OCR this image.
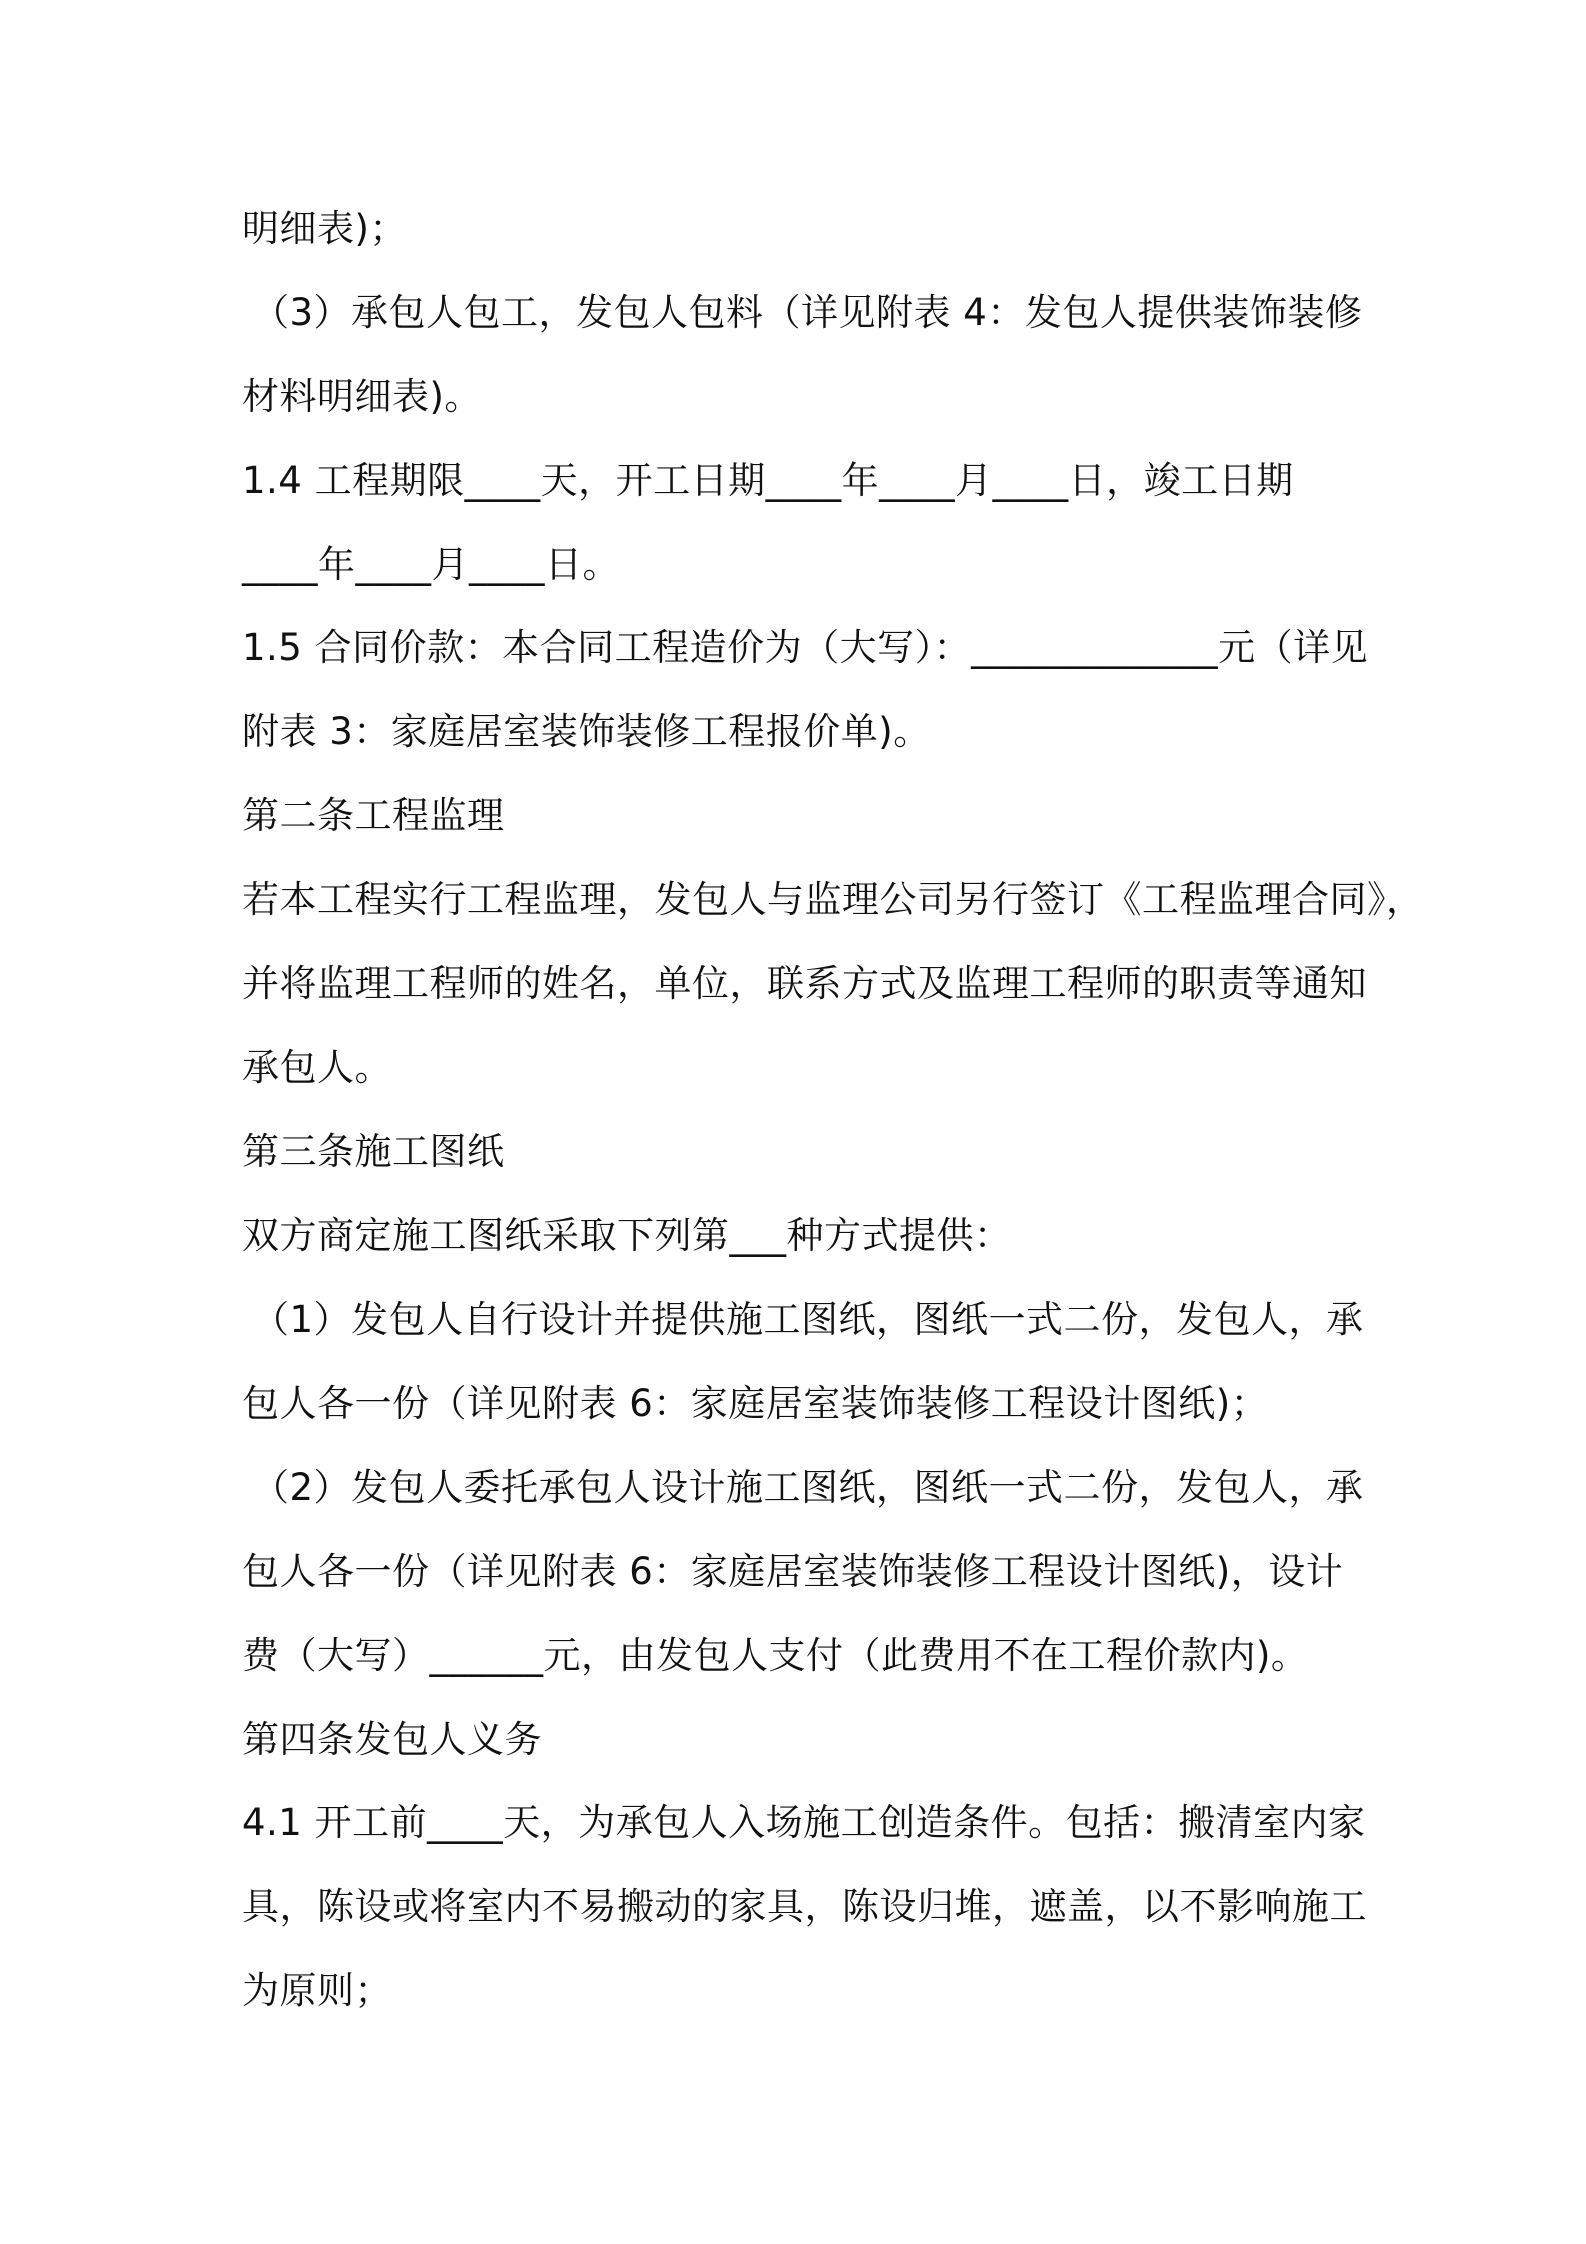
明细表)；
（3）承包人包工，发包人包料（详见附表 4：发包人提供装饰装修
材料明细表)。
1.4 工程期限____天，开工日期____年____月____日，竣工日期
____年____月____日。
1.5 合同价款：本合同工程造价为（大写）：_____________元（详见
附表 3：家庭居室装饰装修工程报价单)。
第二条工程监理
若本工程实行工程监理，发包人与监理公司另行签订《工程监理合同》，
并将监理工程师的姓名，单位，联系方式及监理工程师的职责等通知
承包人。
第三条施工图纸
双方商定施工图纸采取下列第___种方式提供：
（1）发包人自行设计并提供施工图纸，图纸一式二份，发包人，承
包人各一份（详见附表 6：家庭居室装饰装修工程设计图纸)；
（2）发包人委托承包人设计施工图纸，图纸一式二份，发包人，承
包人各一份（详见附表 6：家庭居室装饰装修工程设计图纸)，设计
费（大写）______元，由发包人支付（此费用不在工程价款内)。
第四条发包人义务
4.1 开工前____天，为承包人入场施工创造条件。包括：搬清室内家
具，陈设或将室内不易搬动的家具，陈设归堆，遮盖，以不影响施工
为原则；
